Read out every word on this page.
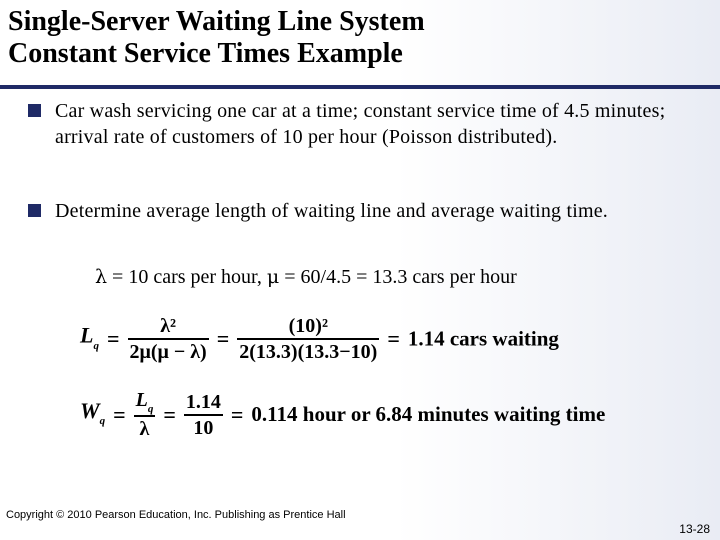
Single-Server Waiting Line System
Constant Service Times Example
Car wash servicing one car at a time; constant service time of 4.5 minutes; arrival rate of customers of 10 per hour (Poisson distributed).
Determine average length of waiting line and average waiting time.
λ = 10 cars per hour, μ = 60/4.5 = 13.3 cars per hour
$L_q = \frac{\text{λ²}}{2\mu(\mu - \lambda)} = \frac{\text{(10)²}}{2(13.3)(13.3-10)} = 1.14$ cars waiting
$W_q = \frac{L_q}{\lambda} = \frac{1.14}{10} = 0.114$ hour or 6.84 minutes waiting time
Copyright © 2010 Pearson Education, Inc. Publishing as Prentice Hall
13-28
